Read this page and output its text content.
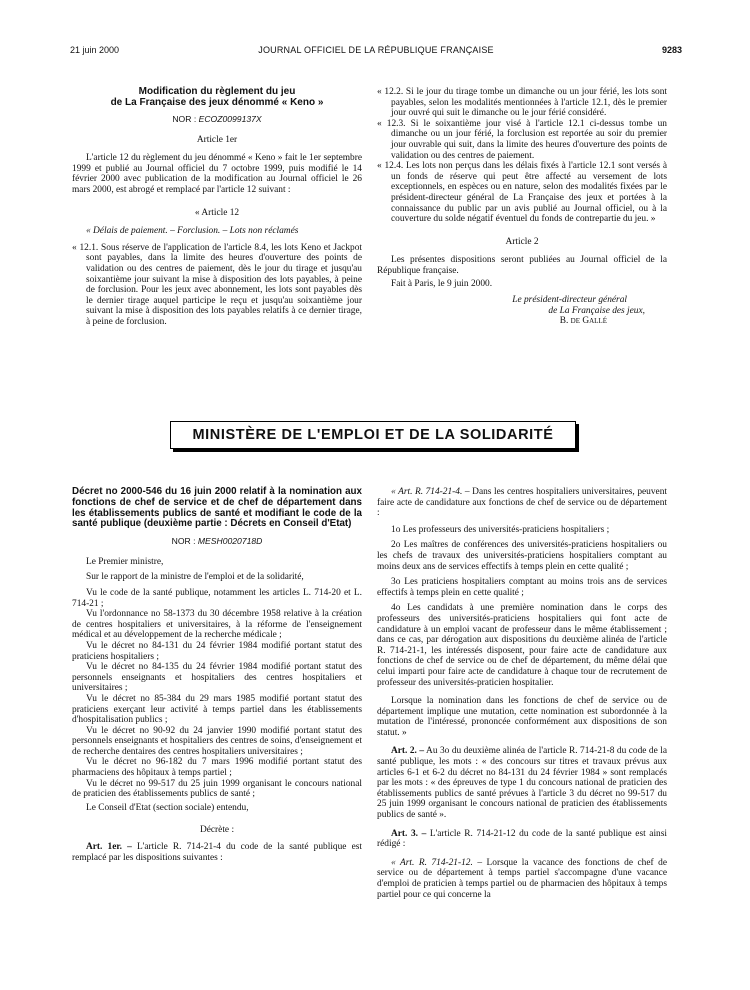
21 juin 2000	JOURNAL OFFICIEL DE LA RÉPUBLIQUE FRANÇAISE	9283

Modification du règlement du jeu

de La Française des jeux dénommé « Keno »

NOR : ECOZ0099137X

Article 1er

L'article 12 du règlement du jeu dénommé « Keno » fait le 1er septembre 1999 et publié au Journal officiel du 7 octobre 1999, puis modifié le 14 février 2000 avec publication de la modification au Journal officiel le 26 mars 2000, est abrogé et remplacé par l'article 12 suivant :

« Article 12

« Délais de paiement. – Forclusion. – Lots non réclamés

« 12.1. Sous réserve de l'application de l'article 8.4, les lots Keno et Jackpot sont payables, dans la limite des heures d'ouverture des points de validation ou des centres de paiement, dès le jour du tirage et jusqu'au soixantième jour suivant la mise à disposition des lots payables, à peine de forclusion. Pour les jeux avec abonnement, les lots sont payables dès le dernier tirage auquel participe le reçu et jusqu'au soixantième jour suivant la mise à disposition des lots payables relatifs à ce dernier tirage, à peine de forclusion.

« 12.2. Si le jour du tirage tombe un dimanche ou un jour férié, les lots sont payables, selon les modalités mentionnées à l'article 12.1, dès le premier jour ouvré qui suit le dimanche ou le jour férié considéré.

« 12.3. Si le soixantième jour visé à l'article 12.1 ci-dessus tombe un dimanche ou un jour férié, la forclusion est reportée au soir du premier jour ouvrable qui suit, dans la limite des heures d'ouverture des points de validation ou des centres de paiement.

« 12.4. Les lots non perçus dans les délais fixés à l'article 12.1 sont versés à un fonds de réserve qui peut être affecté au versement de lots exceptionnels, en espèces ou en nature, selon des modalités fixées par le président-directeur général de La Française des jeux et portées à la connaissance du public par un avis publié au Journal officiel, ou à la couverture du solde négatif éventuel du fonds de contrepartie du jeu. »

Article 2

Les présentes dispositions seront publiées au Journal officiel de la République française.

Fait à Paris, le 9 juin 2000.

Le président-directeur général

de La Française des jeux,

B. de Gallé

MINISTÈRE DE L'EMPLOI ET DE LA SOLIDARITÉ

Décret no 2000-546 du 16 juin 2000 relatif à la nomination aux fonctions de chef de service et de chef de département dans les établissements publics de santé et modifiant le code de la santé publique (deuxième partie : Décrets en Conseil d'Etat)

NOR : MESH0020718D

Le Premier ministre,

Sur le rapport de la ministre de l'emploi et de la solidarité,

Vu le code de la santé publique, notamment les articles L. 714-20 et L. 714-21 ;

Vu l'ordonnance no 58-1373 du 30 décembre 1958 relative à la création de centres hospitaliers et universitaires, à la réforme de l'enseignement médical et au développement de la recherche médicale ;

Vu le décret no 84-131 du 24 février 1984 modifié portant statut des praticiens hospitaliers ;

Vu le décret no 84-135 du 24 février 1984 modifié portant statut des personnels enseignants et hospitaliers des centres hospitaliers et universitaires ;

Vu le décret no 85-384 du 29 mars 1985 modifié portant statut des praticiens exerçant leur activité à temps partiel dans les établissements d'hospitalisation publics ;

Vu le décret no 90-92 du 24 janvier 1990 modifié portant statut des personnels enseignants et hospitaliers des centres de soins, d'enseignement et de recherche dentaires des centres hospitaliers universitaires ;

Vu le décret no 96-182 du 7 mars 1996 modifié portant statut des pharmaciens des hôpitaux à temps partiel ;

Vu le décret no 99-517 du 25 juin 1999 organisant le concours national de praticien des établissements publics de santé ;

Le Conseil d'Etat (section sociale) entendu,

Décrète :

Art. 1er. – L'article R. 714-21-4 du code de la santé publique est remplacé par les dispositions suivantes :

« Art. R. 714-21-4. – Dans les centres hospitaliers universitaires, peuvent faire acte de candidature aux fonctions de chef de service ou de département :

1o Les professeurs des universités-praticiens hospitaliers ;

2o Les maîtres de conférences des universités-praticiens hospitaliers ou les chefs de travaux des universités-praticiens hospitaliers comptant au moins deux ans de services effectifs à temps plein en cette qualité ;

3o Les praticiens hospitaliers comptant au moins trois ans de services effectifs à temps plein en cette qualité ;

4o Les candidats à une première nomination dans le corps des professeurs des universités-praticiens hospitaliers qui font acte de candidature à un emploi vacant de professeur dans le même établissement ; dans ce cas, par dérogation aux dispositions du deuxième alinéa de l'article R. 714-21-1, les intéressés disposent, pour faire acte de candidature aux fonctions de chef de service ou de chef de département, du même délai que celui imparti pour faire acte de candidature à chaque tour de recrutement de professeur des universités-praticien hospitalier.

Lorsque la nomination dans les fonctions de chef de service ou de département implique une mutation, cette nomination est subordonnée à la mutation de l'intéressé, prononcée conformément aux dispositions de son statut. »

Art. 2. – Au 3o du deuxième alinéa de l'article R. 714-21-8 du code de la santé publique, les mots : « des concours sur titres et travaux prévus aux articles 6-1 et 6-2 du décret no 84-131 du 24 février 1984 » sont remplacés par les mots : « des épreuves de type 1 du concours national de praticien des établissements publics de santé prévues à l'article 3 du décret no 99-517 du 25 juin 1999 organisant le concours national de praticien des établissements publics de santé ».

Art. 3. – L'article R. 714-21-12 du code de la santé publique est ainsi rédigé :

« Art. R. 714-21-12. – Lorsque la vacance des fonctions de chef de service ou de département à temps partiel s'accompagne d'une vacance d'emploi de praticien à temps partiel ou de pharmacien des hôpitaux à temps partiel pour ce qui concerne la
